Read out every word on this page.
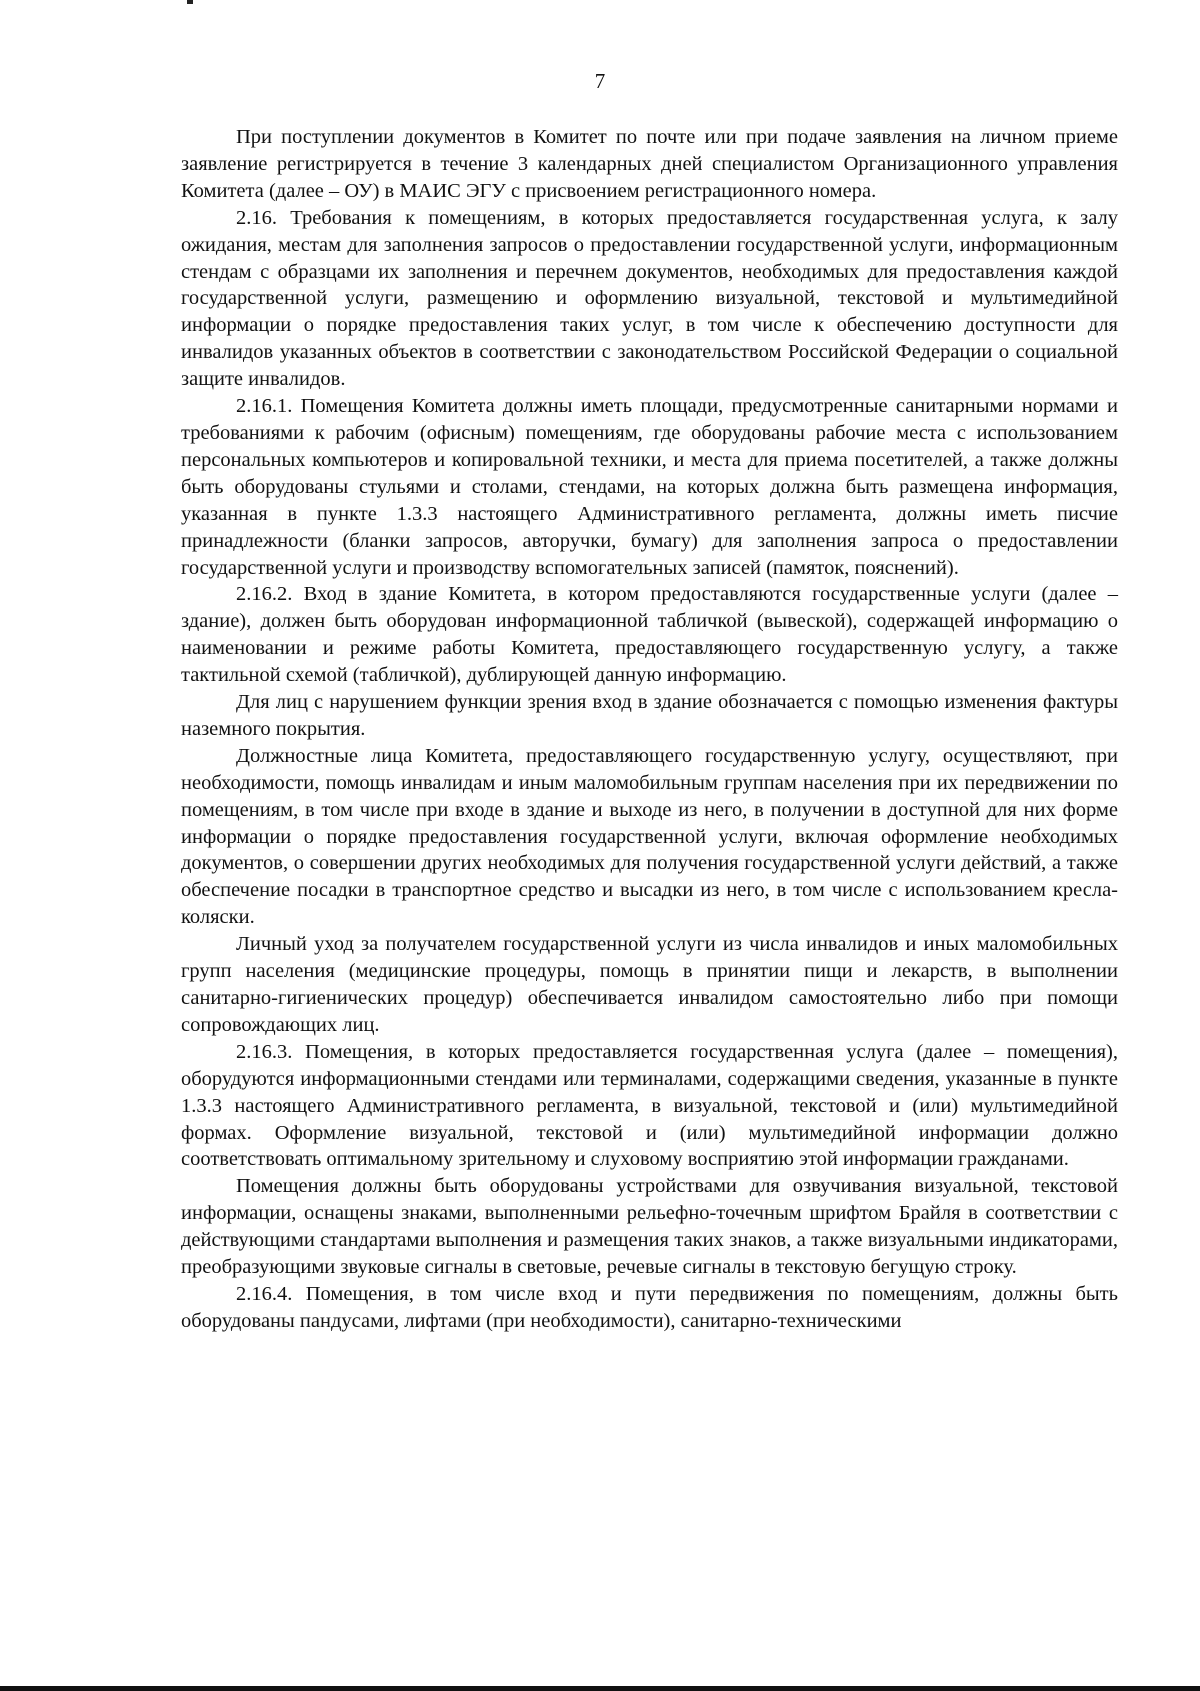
7

При поступлении документов в Комитет по почте или при подаче заявления на личном приеме заявление регистрируется в течение 3 календарных дней специалистом Организационного управления Комитета (далее – ОУ) в МАИС ЭГУ с присвоением регистрационного номера.

2.16. Требования к помещениям, в которых предоставляется государственная услуга, к залу ожидания, местам для заполнения запросов о предоставлении государственной услуги, информационным стендам с образцами их заполнения и перечнем документов, необходимых для предоставления каждой государственной услуги, размещению и оформлению визуальной, текстовой и мультимедийной информации о порядке предоставления таких услуг, в том числе к обеспечению доступности для инвалидов указанных объектов в соответствии с законодательством Российской Федерации о социальной защите инвалидов.

2.16.1. Помещения Комитета должны иметь площади, предусмотренные санитарными нормами и требованиями к рабочим (офисным) помещениям, где оборудованы рабочие места с использованием персональных компьютеров и копировальной техники, и места для приема посетителей, а также должны быть оборудованы стульями и столами, стендами, на которых должна быть размещена информация, указанная в пункте 1.3.3 настоящего Административного регламента, должны иметь писчие принадлежности (бланки запросов, авторучки, бумагу) для заполнения запроса о предоставлении государственной услуги и производству вспомогательных записей (памяток, пояснений).

2.16.2. Вход в здание Комитета, в котором предоставляются государственные услуги (далее – здание), должен быть оборудован информационной табличкой (вывеской), содержащей информацию о наименовании и режиме работы Комитета, предоставляющего государственную услугу, а также тактильной схемой (табличкой), дублирующей данную информацию.

Для лиц с нарушением функции зрения вход в здание обозначается с помощью изменения фактуры наземного покрытия.

Должностные лица Комитета, предоставляющего государственную услугу, осуществляют, при необходимости, помощь инвалидам и иным маломобильным группам населения при их передвижении по помещениям, в том числе при входе в здание и выходе из него, в получении в доступной для них форме информации о порядке предоставления государственной услуги, включая оформление необходимых документов, о совершении других необходимых для получения государственной услуги действий, а также обеспечение посадки в транспортное средство и высадки из него, в том числе с использованием кресла-коляски.

Личный уход за получателем государственной услуги из числа инвалидов и иных маломобильных групп населения (медицинские процедуры, помощь в принятии пищи и лекарств, в выполнении санитарно-гигиенических процедур) обеспечивается инвалидом самостоятельно либо при помощи сопровождающих лиц.

2.16.3. Помещения, в которых предоставляется государственная услуга (далее – помещения), оборудуются информационными стендами или терминалами, содержащими сведения, указанные в пункте 1.3.3 настоящего Административного регламента, в визуальной, текстовой и (или) мультимедийной формах. Оформление визуальной, текстовой и (или) мультимедийной информации должно соответствовать оптимальному зрительному и слуховому восприятию этой информации гражданами.

Помещения должны быть оборудованы устройствами для озвучивания визуальной, текстовой информации, оснащены знаками, выполненными рельефно-точечным шрифтом Брайля в соответствии с действующими стандартами выполнения и размещения таких знаков, а также визуальными индикаторами, преобразующими звуковые сигналы в световые, речевые сигналы в текстовую бегущую строку.

2.16.4. Помещения, в том числе вход и пути передвижения по помещениям, должны быть оборудованы пандусами, лифтами (при необходимости), санитарно-техническими
